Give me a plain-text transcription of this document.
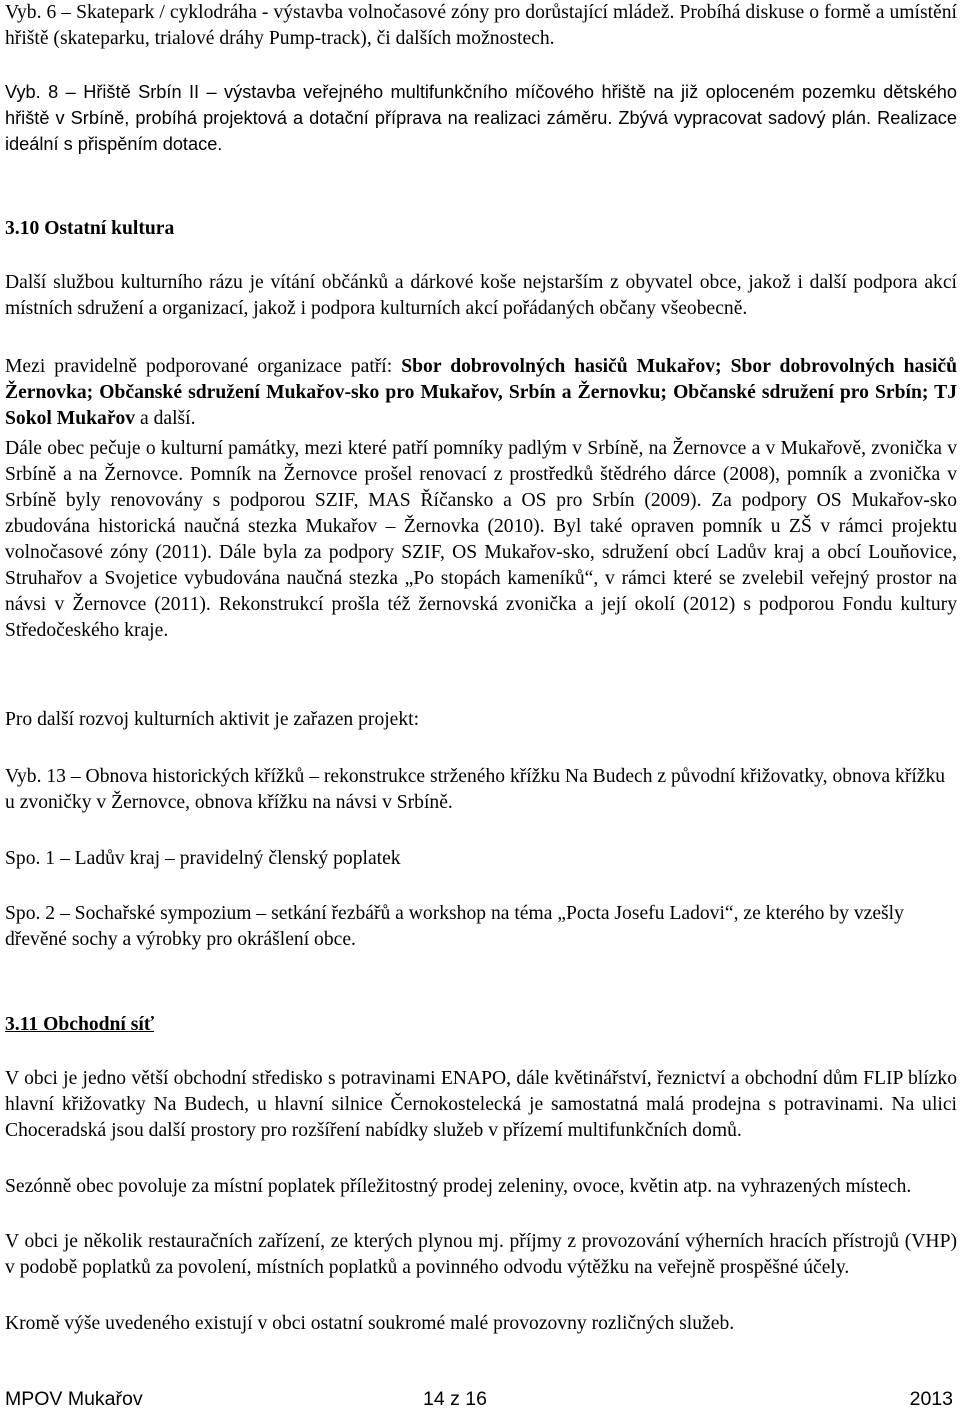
Vyb. 6 – Skatepark / cyklodráha - výstavba volnočasové zóny pro dorůstající mládež. Probíhá diskuse o formě a umístění hřiště (skateparku, trialové dráhy Pump-track), či dalších možnostech.

Vyb. 8 – Hřiště Srbín II – výstavba veřejného multifunkčního míčového hřiště na již oploceném pozemku dětského hřiště v Srbíně, probíhá projektová a dotační příprava na realizaci záměru. Zbývá vypracovat sadový plán. Realizace ideální s přispěním dotace.

3.10 Ostatní kultura

Další službou kulturního rázu je vítání občánků a dárkové koše nejstarším z obyvatel obce, jakož i další podpora akcí místních sdružení a organizací, jakož i podpora kulturních akcí pořádaných občany všeobecně.

Mezi pravidelně podporované organizace patří: Sbor dobrovolných hasičů Mukařov; Sbor dobrovolných hasičů Žernovka; Občanské sdružení Mukařov-sko pro Mukařov, Srbín a Žernovku; Občanské sdružení pro Srbín; TJ Sokol Mukařov a další.

Dále obec pečuje o kulturní památky, mezi které patří pomníky padlým v Srbíně, na Žernovce a v Mukařově, zvonička v Srbíně a na Žernovce. Pomník na Žernovce prošel renovací z prostředků štědrého dárce (2008), pomník a zvonička v Srbíně byly renovovány s podporou SZIF, MAS Říčansko a OS pro Srbín (2009). Za podpory OS Mukařov-sko zbudována historická naučná stezka Mukařov – Žernovka (2010). Byl také opraven pomník u ZŠ v rámci projektu volnočasové zóny (2011). Dále byla za podpory SZIF, OS Mukařov-sko, sdružení obcí Ladův kraj a obcí Louňovice, Struhařov a Svojetice vybudována naučná stezka „Po stopách kameníků“, v rámci které se zvelebil veřejný prostor na návsi v Žernovce (2011). Rekonstrukcí prošla též žernovská zvonička a její okolí (2012) s podporou Fondu kultury Středočeského kraje.

Pro další rozvoj kulturních aktivit je zařazen projekt:

Vyb. 13 – Obnova historických křížků – rekonstrukce strženého křížku Na Budech z původní křižovatky, obnova křížku u zvoničky v Žernovce, obnova křížku na návsi v Srbíně.

Spo. 1 – Ladův kraj – pravidelný členský poplatek

Spo. 2 – Sochařské sympozium – setkání řezbářů a workshop na téma „Pocta Josefu Ladovi“, ze kterého by vzešly dřevěné sochy a výrobky pro okrášlení obce.

3.11 Obchodní síť

V obci je jedno větší obchodní středisko s potravinami ENAPO, dále květinářství, řeznictví a obchodní dům FLIP blízko hlavní křižovatky Na Budech, u hlavní silnice Černokostelecká je samostatná malá prodejna s potravinami. Na ulici Choceradská jsou další prostory pro rozšíření nabídky služeb v přízemí multifunkčních domů.

Sezónně obec povoluje za místní poplatek příležitostný prodej zeleniny, ovoce, květin atp. na vyhrazených místech.

V obci je několik restauračních zařízení, ze kterých plynou mj. příjmy z provozování výherních hracích přístrojů (VHP) v podobě poplatků za povolení, místních poplatků a povinného odvodu výtěžku na veřejně prospěšné účely.

Kromě výše uvedeného existují v obci ostatní soukromé malé provozovny rozličných služeb.

MPOV Mukařov	14 z 16	2013
